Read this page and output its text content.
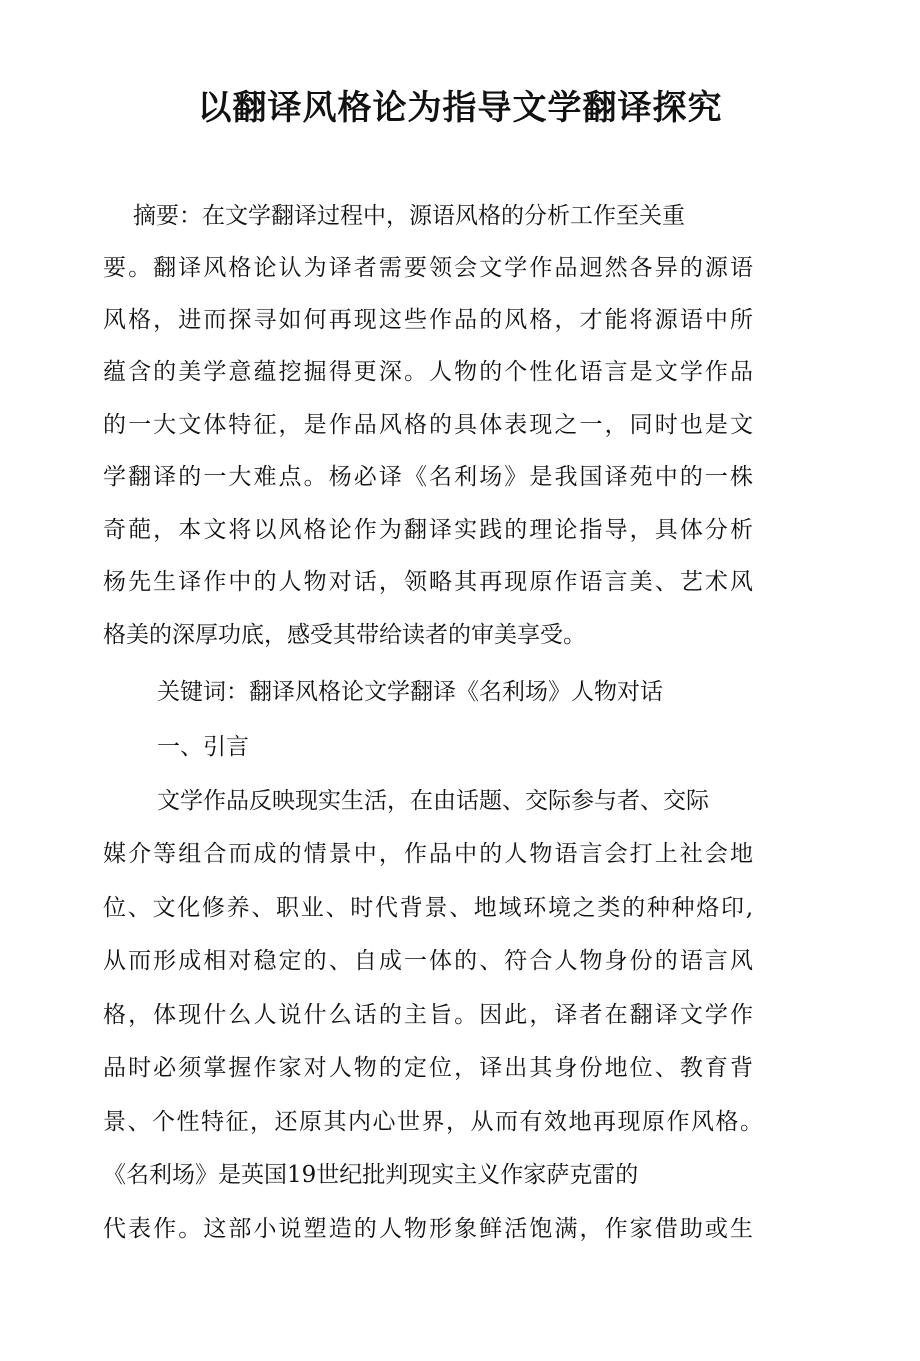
以翻译风格论为指导文学翻译探究

摘要：在文学翻译过程中，源语风格的分析工作至关重

要。翻译风格论认为译者需要领会文学作品迥然各异的源语

风格，进而探寻如何再现这些作品的风格，才能将源语中所

蕴含的美学意蕴挖掘得更深。人物的个性化语言是文学作品

的一大文体特征，是作品风格的具体表现之一，同时也是文

学翻译的一大难点。杨必译《名利场》是我国译苑中的一株

奇葩，本文将以风格论作为翻译实践的理论指导，具体分析

杨先生译作中的人物对话，领略其再现原作语言美、艺术风

格美的深厚功底，感受其带给读者的审美享受。

关键词：翻译风格论文学翻译《名利场》人物对话

一、引言

文学作品反映现实生活，在由话题、交际参与者、交际

媒介等组合而成的情景中，作品中的人物语言会打上社会地

位、文化修养、职业、时代背景、地域环境之类的种种烙印,

从而形成相对稳定的、自成一体的、符合人物身份的语言风

格，体现什么人说什么话的主旨。因此，译者在翻译文学作

品时必须掌握作家对人物的定位，译出其身份地位、教育背

景、个性特征，还原其内心世界，从而有效地再现原作风格。

《名利场》是英国19世纪批判现实主义作家萨克雷的

代表作。这部小说塑造的人物形象鲜活饱满，作家借助或生
